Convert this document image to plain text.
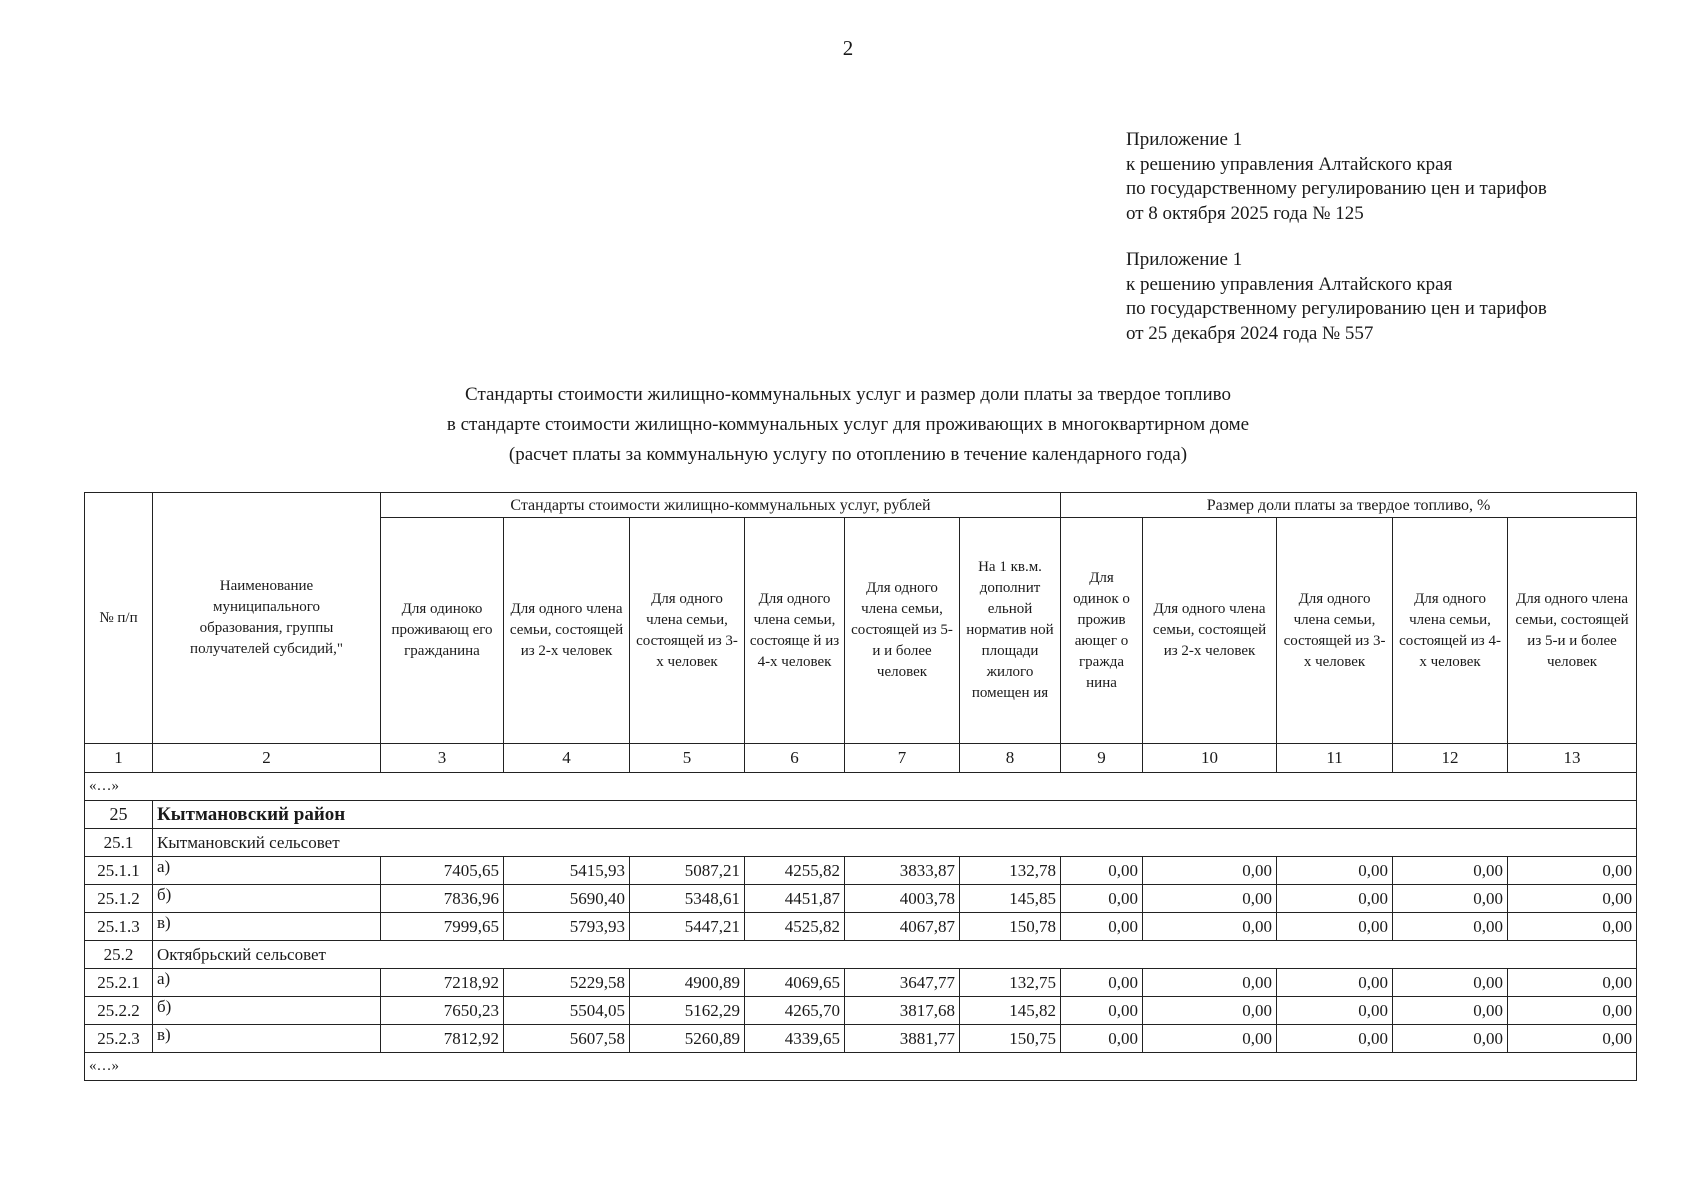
2
Приложение 1
к решению управления Алтайского края
по государственному регулированию цен и тарифов
от 8 октября 2025 года № 125
Приложение 1
к решению управления Алтайского края
по государственному регулированию цен и тарифов
от 25 декабря 2024 года № 557
Стандарты стоимости жилищно-коммунальных услуг и размер доли платы за твердое топливо
в стандарте стоимости жилищно-коммунальных услуг для проживающих в многоквартирном доме
(расчет платы за коммунальную услугу по отоплению в течение календарного года)
№ п/п	Наименование муниципального образования, группы получателей субсидий,"	Стандарты стоимости жилищно-коммунальных услуг, рублей						Размер доли платы за твердое топливо, %				
		Для одиноко проживающ его гражданина	Для одного члена семьи, состоящей из 2-х человек	Для одного члена семьи, состоящей из 3-х человек	Для одного члена семьи, состояще й из 4-х человек	Для одного члена семьи, состоящей из 5-и и более человек	На 1 кв.м. дополнит ельной норматив ной площади жилого помещен ия	Для одинок о прожив ающег о гражда нина	Для одного члена семьи, состоящей из 2-х человек	Для одного члена семьи, состоящей из 3-х человек	Для одного члена семьи, состоящей из 4-х человек	Для одного члена семьи, состоящей из 5-и и более человек
1	2	3	4	5	6	7	8	9	10	11	12	13
«…»												
25	Кытмановский район											
25.1	Кытмановский сельсовет											
25.1.1	а)	7405,65	5415,93	5087,21	4255,82	3833,87	132,78	0,00	0,00	0,00	0,00	0,00
25.1.2	б)	7836,96	5690,40	5348,61	4451,87	4003,78	145,85	0,00	0,00	0,00	0,00	0,00
25.1.3	в)	7999,65	5793,93	5447,21	4525,82	4067,87	150,78	0,00	0,00	0,00	0,00	0,00
25.2	Октябрьский сельсовет											
25.2.1	а)	7218,92	5229,58	4900,89	4069,65	3647,77	132,75	0,00	0,00	0,00	0,00	0,00
25.2.2	б)	7650,23	5504,05	5162,29	4265,70	3817,68	145,82	0,00	0,00	0,00	0,00	0,00
25.2.3	в)	7812,92	5607,58	5260,89	4339,65	3881,77	150,75	0,00	0,00	0,00	0,00	0,00
«…»												
